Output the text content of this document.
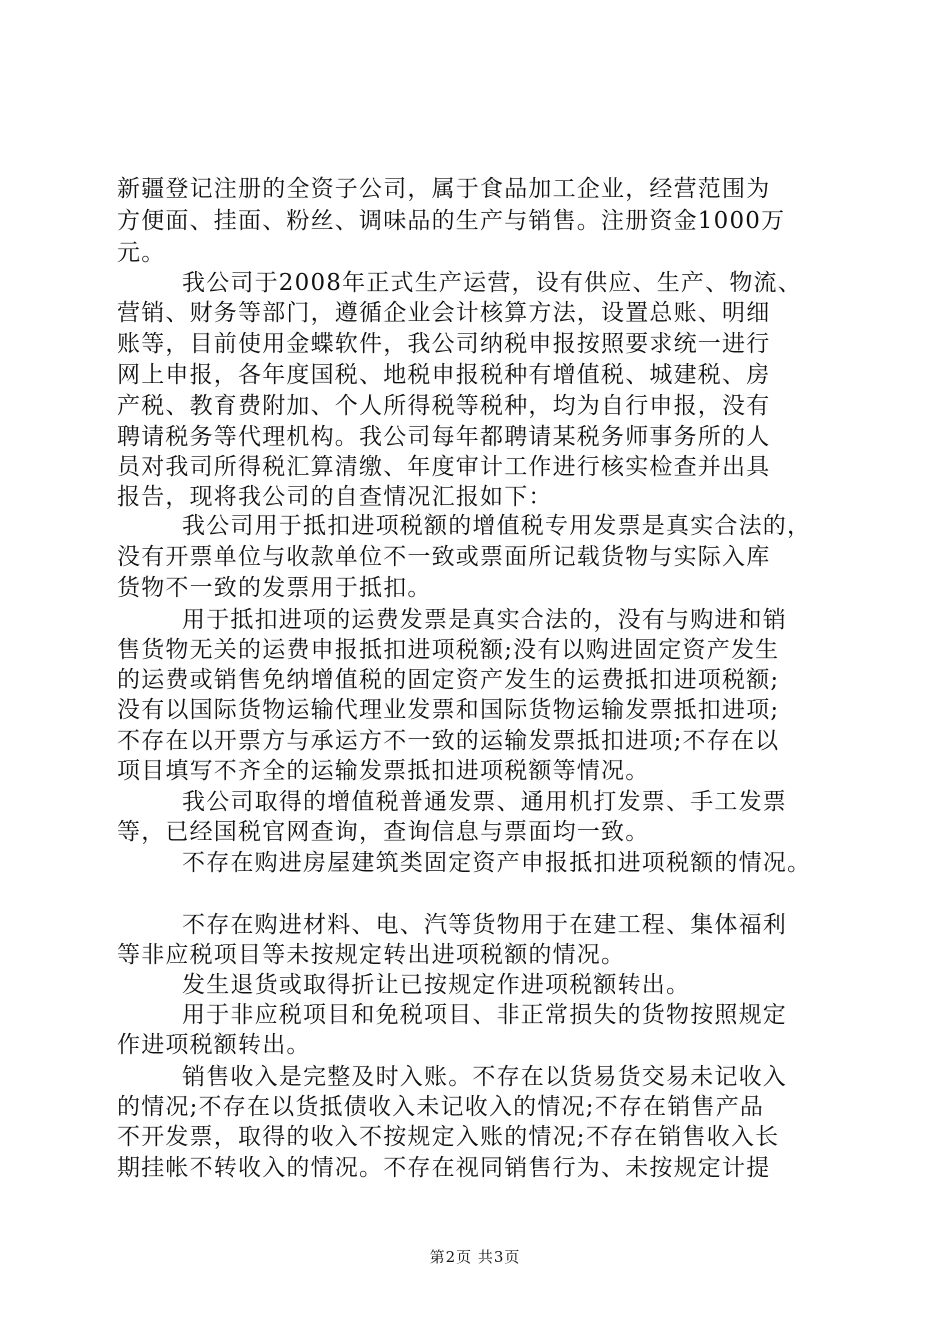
新疆登记注册的全资子公司，属于食品加工企业，经营范围为
方便面、挂面、粉丝、调味品的生产与销售。注册资金1000万
元。
我公司于2008年正式生产运营，设有供应、生产、物流、
营销、财务等部门，遵循企业会计核算方法，设置总账、明细
账等，目前使用金蝶软件，我公司纳税申报按照要求统一进行
网上申报，各年度国税、地税申报税种有增值税、城建税、房
产税、教育费附加、个人所得税等税种，均为自行申报，没有
聘请税务等代理机构。我公司每年都聘请某税务师事务所的人
员对我司所得税汇算清缴、年度审计工作进行核实检查并出具
报告，现将我公司的自查情况汇报如下：
我公司用于抵扣进项税额的增值税专用发票是真实合法的，
没有开票单位与收款单位不一致或票面所记载货物与实际入库
货物不一致的发票用于抵扣。
用于抵扣进项的运费发票是真实合法的，没有与购进和销
售货物无关的运费申报抵扣进项税额;没有以购进固定资产发生
的运费或销售免纳增值税的固定资产发生的运费抵扣进项税额;
没有以国际货物运输代理业发票和国际货物运输发票抵扣进项;
不存在以开票方与承运方不一致的运输发票抵扣进项;不存在以
项目填写不齐全的运输发票抵扣进项税额等情况。
我公司取得的增值税普通发票、通用机打发票、手工发票
等，已经国税官网查询，查询信息与票面均一致。
不存在购进房屋建筑类固定资产申报抵扣进项税额的情况。
不存在购进材料、电、汽等货物用于在建工程、集体福利
等非应税项目等未按规定转出进项税额的情况。
发生退货或取得折让已按规定作进项税额转出。
用于非应税项目和免税项目、非正常损失的货物按照规定
作进项税额转出。
销售收入是完整及时入账。不存在以货易货交易未记收入
的情况;不存在以货抵债收入未记收入的情况;不存在销售产品
不开发票，取得的收入不按规定入账的情况;不存在销售收入长
期挂帐不转收入的情况。不存在视同销售行为、未按规定计提
第2页 共3页
